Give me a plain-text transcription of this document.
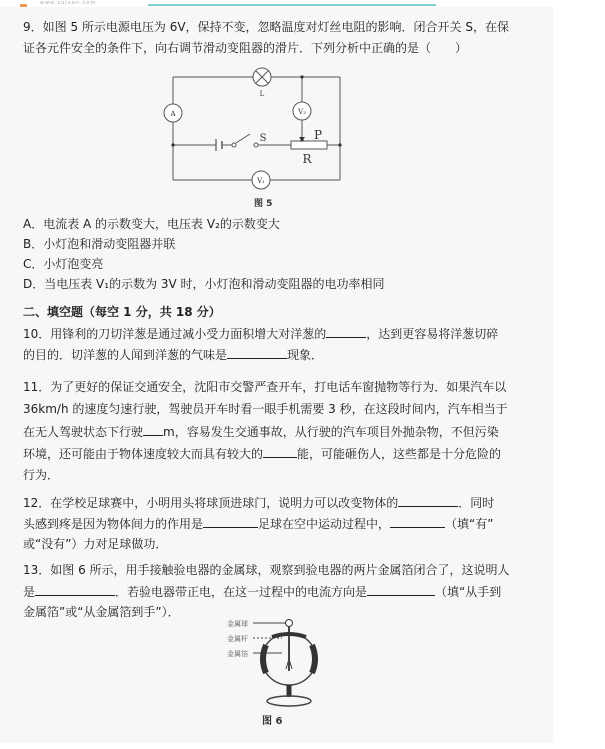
www.zujuan.com
9．如图 5 所示电源电压为 6V，保持不变，忽略温度对灯丝电阻的影响．闭合开关 S，在保
证各元件安全的条件下，向右调节滑动变阻器的滑片．下列分析中正确的是（　　）
L
A	V₂
V₁
S	P
R
图 5
A．电流表 A 的示数变大，电压表 V₂的示数变大
B．小灯泡和滑动变阻器并联
C．小灯泡变亮
D．当电压表 V₁的示数为 3V 时，小灯泡和滑动变阻器的电功率相同
二、填空题（每空 1 分，共 18 分）
10．用锋利的刀切洋葱是通过减小受力面积增大对洋葱的	，达到更容易将洋葱切碎
的目的．切洋葱的人闻到洋葱的气味是	现象．
11．为了更好的保证交通安全，沈阳市交警严查开车，打电话车窗抛物等行为．如果汽车以
36km/h 的速度匀速行驶，驾驶员开车时看一眼手机需要 3 秒，在这段时间内，汽车相当于
在无人驾驶状态下行驶 m，容易发生交通事故，从行驶的汽车项目外抛杂物，不但污染
环境，还可能由于物体速度较大而具有较大的	能，可能砸伤人，这些都是十分危险的
行为．
12．在学校足球赛中，小明用头将球顶进球门，说明力可以改变物体的	．同时
头感到疼是因为物体间力的作用是	足球在空中运动过程中，	（填“有”
或“没有”）力对足球做功．
13．如图 6 所示，用手接触验电器的金属球，观察到验电器的两片金属箔闭合了，这说明人
是	．若验电器带正电，在这一过程中的电流方向是	（填“从手到
金属箔”或“从金属箔到手”）．
金属球
金属杆
金属箔
图 6
